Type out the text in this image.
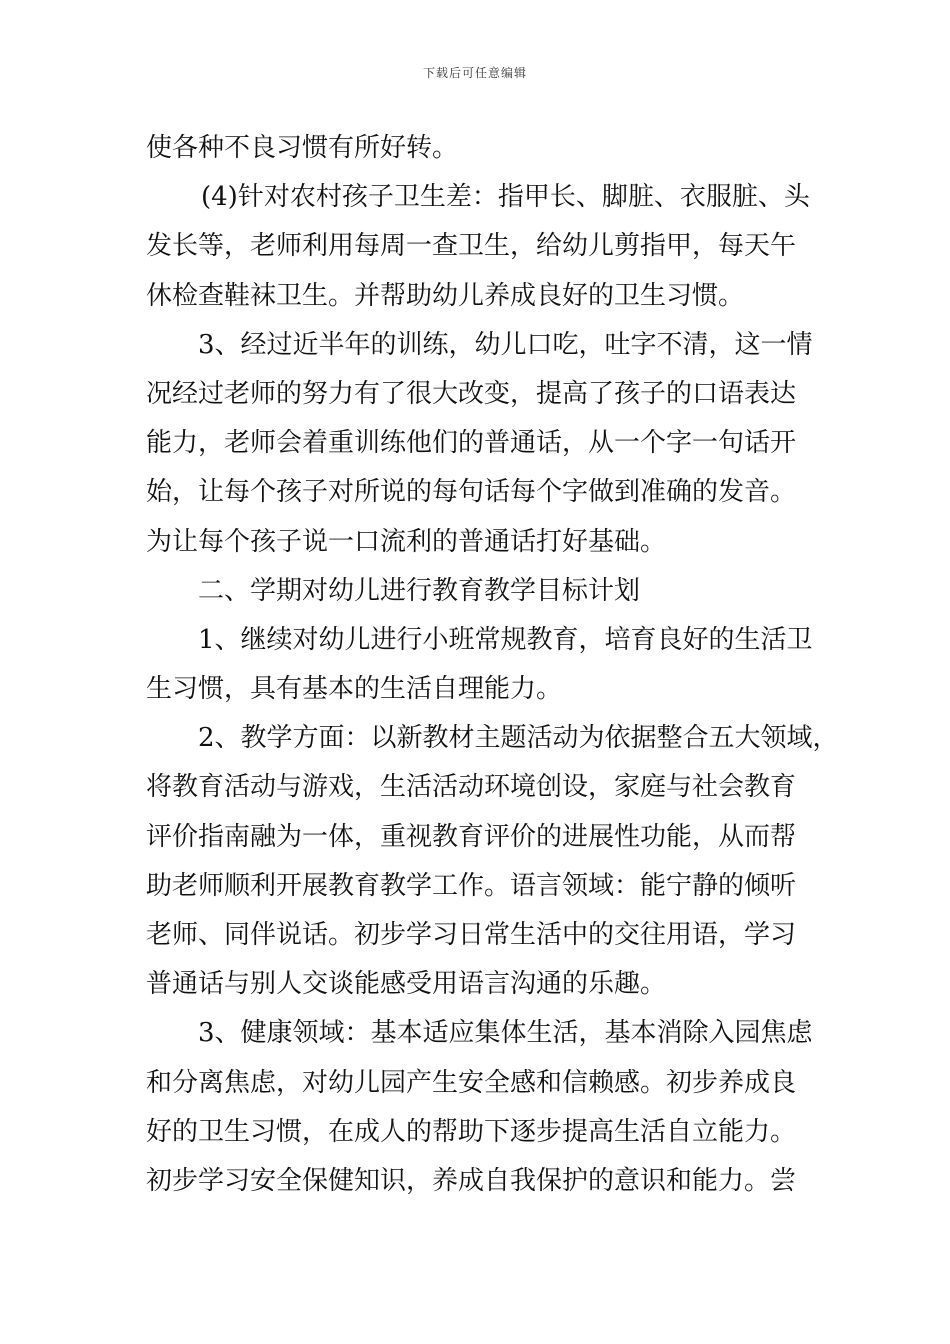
下载后可任意编辑
使各种不良习惯有所好转。
(4)针对农村孩子卫生差：指甲长、脚脏、衣服脏、头
发长等，老师利用每周一查卫生，给幼儿剪指甲，每天午
休检查鞋袜卫生。并帮助幼儿养成良好的卫生习惯。
3、经过近半年的训练，幼儿口吃，吐字不清，这一情
况经过老师的努力有了很大改变，提高了孩子的口语表达
能力，老师会着重训练他们的普通话，从一个字一句话开
始，让每个孩子对所说的每句话每个字做到准确的发音。
为让每个孩子说一口流利的普通话打好基础。
二、学期对幼儿进行教育教学目标计划
1、继续对幼儿进行小班常规教育，培育良好的生活卫
生习惯，具有基本的生活自理能力。
2、教学方面：以新教材主题活动为依据整合五大领域，
将教育活动与游戏，生活活动环境创设，家庭与社会教育
评价指南融为一体，重视教育评价的进展性功能，从而帮
助老师顺利开展教育教学工作。语言领域：能宁静的倾听
老师、同伴说话。初步学习日常生活中的交往用语，学习
普通话与别人交谈能感受用语言沟通的乐趣。
3、健康领域：基本适应集体生活，基本消除入园焦虑
和分离焦虑，对幼儿园产生安全感和信赖感。初步养成良
好的卫生习惯，在成人的帮助下逐步提高生活自立能力。
初步学习安全保健知识，养成自我保护的意识和能力。尝
